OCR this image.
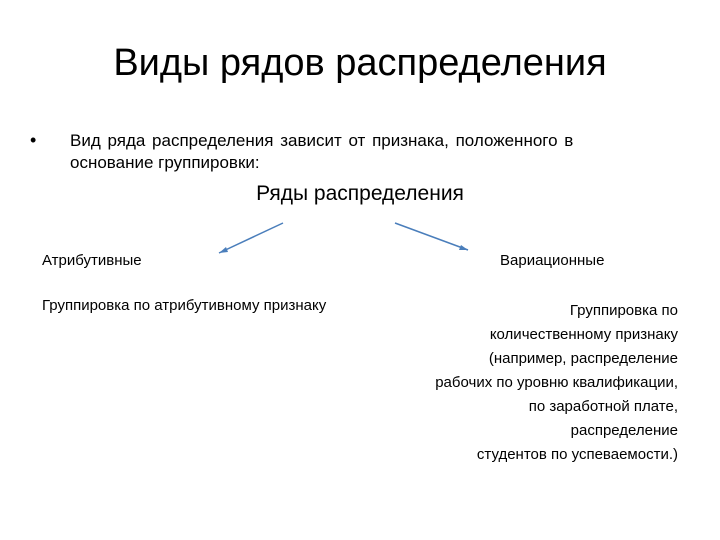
Виды рядов распределения
• Вид ряда распределения зависит от признака, положенного в
основание группировки:
Ряды распределения
Атрибутивные	Вариационные
Группировка по атрибутивному признаку	Группировка по
количественному признаку
(например, распределение
рабочих по уровню квалификации,
по заработной плате,
распределение
студентов по успеваемости.)
